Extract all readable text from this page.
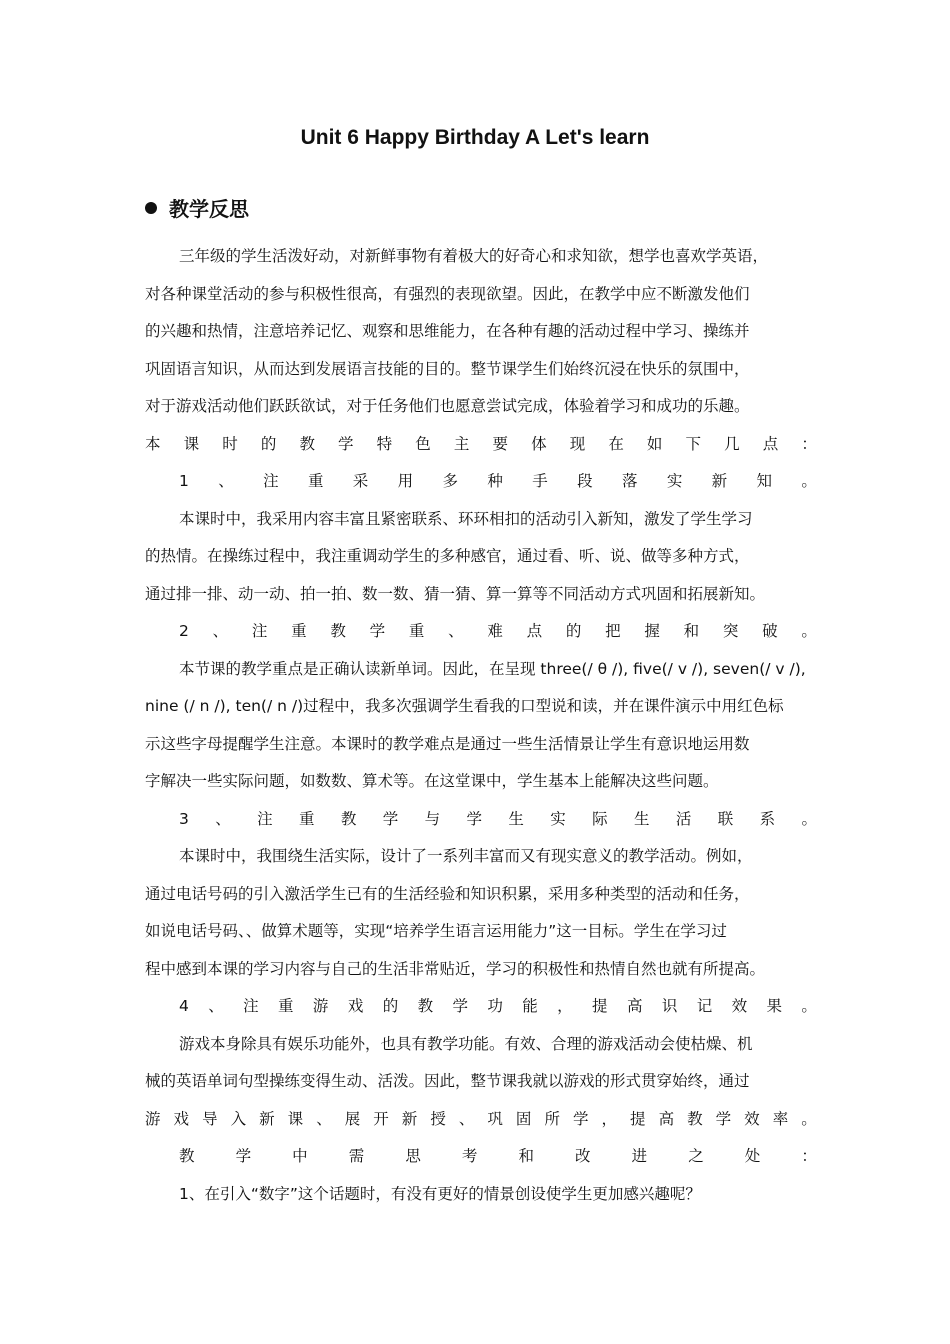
Unit 6 Happy Birthday A Let's learn
教学反思
三年级的学生活泼好动，对新鲜事物有着极大的好奇心和求知欲，想学也喜欢学英语，
对各种课堂活动的参与积极性很高，有强烈的表现欲望。因此，在教学中应不断激发他们
的兴趣和热情，注意培养记忆、观察和思维能力，在各种有趣的活动过程中学习、操练并
巩固语言知识，从而达到发展语言技能的目的。整节课学生们始终沉浸在快乐的氛围中，
对于游戏活动他们跃跃欲试，对于任务他们也愿意尝试完成，体验着学习和成功的乐趣。
本 课 时 的 教 学 特 色 主 要 体 现 在 如 下 几 点 ：
1 、 注 重 采 用 多 种 手 段 落 实 新 知 。
本课时中，我采用内容丰富且紧密联系、环环相扣的活动引入新知，激发了学生学习
的热情。在操练过程中，我注重调动学生的多种感官，通过看、听、说、做等多种方式，
通过排一排、动一动、拍一拍、数一数、猜一猜、算一算等不同活动方式巩固和拓展新知。
2 、 注 重 教 学 重 、 难 点 的 把 握 和 突 破 。
本节课的教学重点是正确认读新单词。因此，在呈现 three(/ θ /), five(/ v /), seven(/ v /),
nine (/ n /), ten(/ n /)过程中，我多次强调学生看我的口型说和读，并在课件演示中用红色标
示这些字母提醒学生注意。本课时的教学难点是通过一些生活情景让学生有意识地运用数
字解决一些实际问题，如数数、算术等。在这堂课中，学生基本上能解决这些问题。
3 、 注 重 教 学 与 学 生 实 际 生 活 联 系 。
本课时中，我围绕生活实际，设计了一系列丰富而又有现实意义的教学活动。例如，
通过电话号码的引入激活学生已有的生活经验和知识积累，采用多种类型的活动和任务，
如说电话号码、、做算术题等，实现“培养学生语言运用能力”这一目标。学生在学习过
程中感到本课的学习内容与自己的生活非常贴近，学习的积极性和热情自然也就有所提高。
4 、 注 重 游 戏 的 教 学 功 能 ， 提 高 识 记 效 果 。
游戏本身除具有娱乐功能外，也具有教学功能。有效、合理的游戏活动会使枯燥、机
械的英语单词句型操练变得生动、活泼。因此，整节课我就以游戏的形式贯穿始终，通过
游 戏 导 入 新 课 、 展 开 新 授 、 巩 固 所 学 ， 提 高 教 学 效 率 。
教	学	中	需	思	考	和	改	进	之	处	：
1、在引入“数字”这个话题时，有没有更好的情景创设使学生更加感兴趣呢？
